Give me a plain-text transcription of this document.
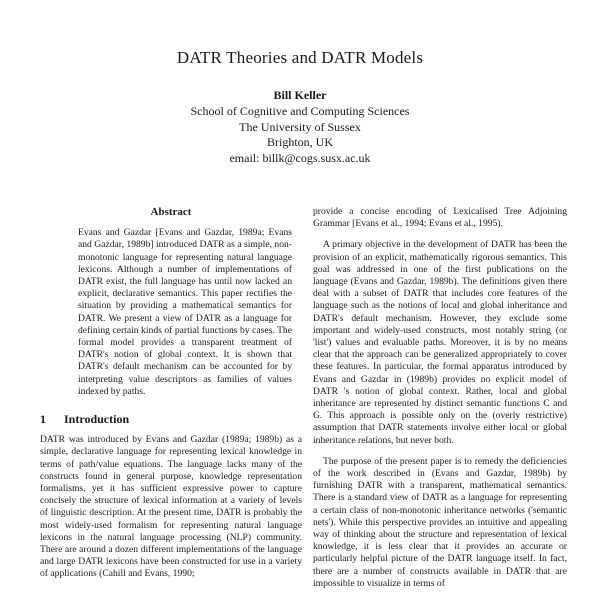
DATR Theories and DATR Models
Bill Keller
School of Cognitive and Computing Sciences
The University of Sussex
Brighton, UK
email: billk@cogs.susx.ac.uk
Abstract

Evans and Gazdar [Evans and Gazdar, 1989a; Evans and Gazdar, 1989b] introduced DATR as a simple, non-monotonic language for representing natural language lexicons. Although a number of implementations of DATR exist, the full language has until now lacked an explicit, declarative semantics. This paper rectifies the situation by providing a mathematical semantics for DATR. We present a view of DATR as a language for defining certain kinds of partial functions by cases. The formal model provides a transparent treatment of DATR's notion of global context. It is shown that DATR's default mechanism can be accounted for by interpreting value descriptors as families of values indexed by paths.

1 Introduction

DATR was introduced by Evans and Gazdar (1989a; 1989b) as a simple, declarative language for representing lexical knowledge in terms of path/value equations. The language lacks many of the constructs found in general purpose, knowledge representation formalisms, yet it has sufficient expressive power to capture concisely the structure of lexical information at a variety of levels of linguistic description. At the present time, DATR is probably the most widely-used formalism for representing natural language lexicons in the natural language processing (NLP) community. There are around a dozen different implementations of the language and large DATR lexicons have been constructed for use in a variety of applications (Cahill and Evans, 1990;

provide a concise encoding of Lexicalised Tree Adjoining Grammar [Evans et al., 1994; Evans et al., 1995).

A primary objective in the development of DATR has been the provision of an explicit, mathematically rigorous semantics. This goal was addressed in one of the first publications on the language (Evans and Gazdar, 1989b). The definitions given there deal with a subset of DATR that includes core features of the language such as the notions of local and global inheritance and DATR's default mechanism. However, they exclude some important and widely-used constructs, most notably string (or 'list') values and evaluable paths. Moreover, it is by no means clear that the approach can be generalized appropriately to cover these features. In particular, the formal apparatus introduced by Evans and Gazdar in (1989b) provides no explicit model of DATR 's notion of global context. Rather, local and global inheritance are represented by distinct semantic functions C and G. This approach is possible only on the (overly restrictive) assumption that DATR statements involve either local or global inheritance relations, but never both.

The purpose of the present paper is to remedy the deficiencies of the work described in (Evans and Gazdar, 1989b) by furnishing DATR with a transparent, mathematical semantics. There is a standard view of DATR as a language for representing a certain class of non-monotonic inheritance networks ('semantic nets'). While this perspective provides an intuitive and appealing way of thinking about the structure and representation of lexical knowledge, it is less clear that it provides an accurate or particularly helpful picture of the DATR language itself. In fact, there are a number of constructs available in DATR that are impossible to visualize in terms of
